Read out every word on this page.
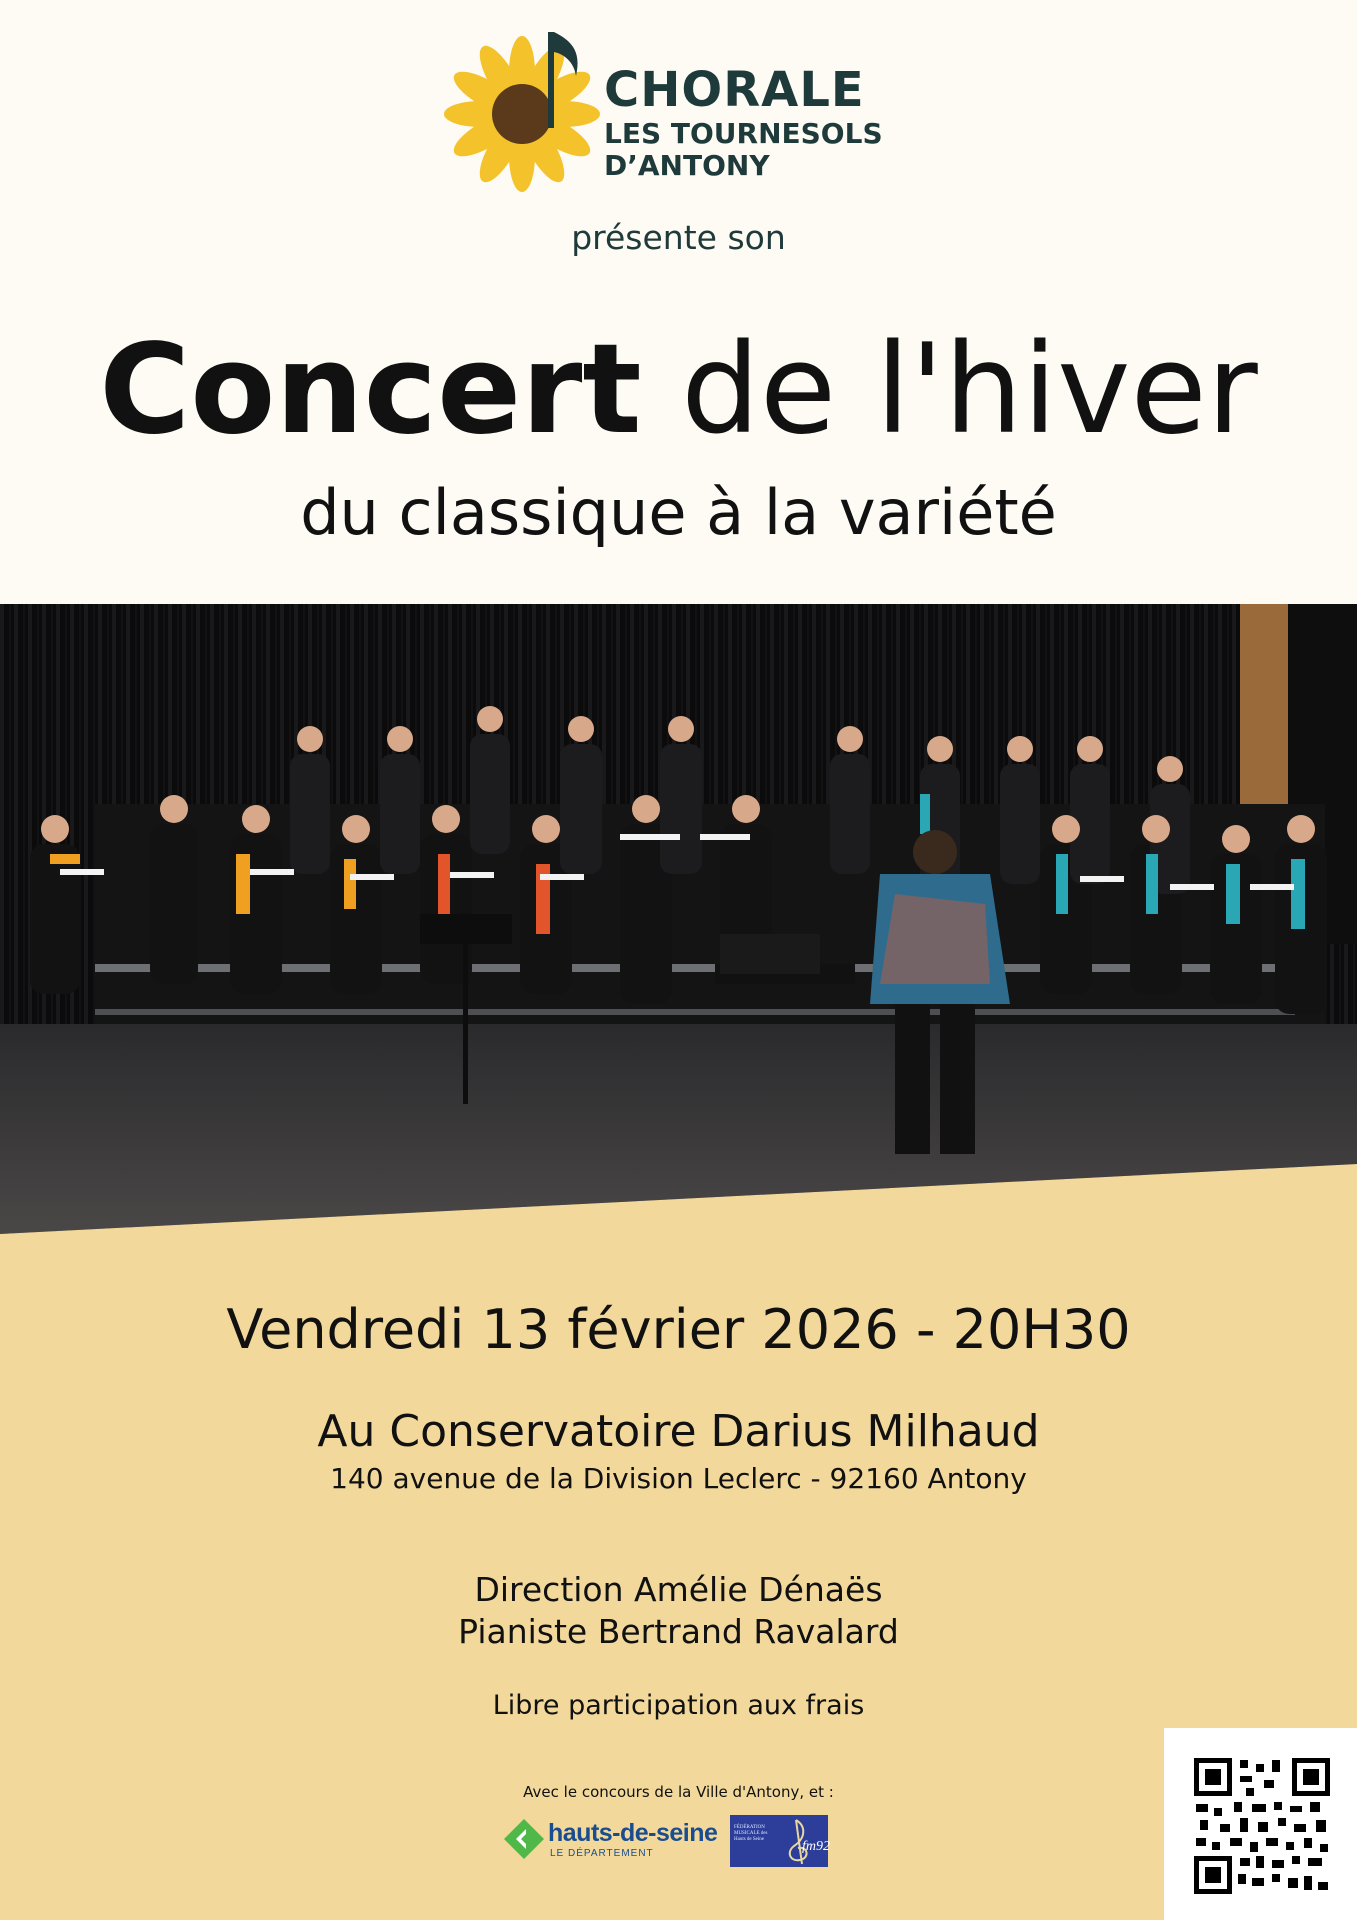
CHORALE
LES TOURNESOLS
D’ANTONY
présente son
Concert de l'hiver
du classique à la variété
Vendredi 13 février 2026 - 20H30
Au Conservatoire Darius Milhaud
140 avenue de la Division Leclerc - 92160 Antony
Direction Amélie Dénaës
Pianiste Bertrand Ravalard
Libre participation aux frais
Avec le concours de la Ville d'Antony, et :
hauts-de-seine
LE DÉPARTEMENT
FÉDÉRATION MUSICALE des Hauts de Seine	fm92
